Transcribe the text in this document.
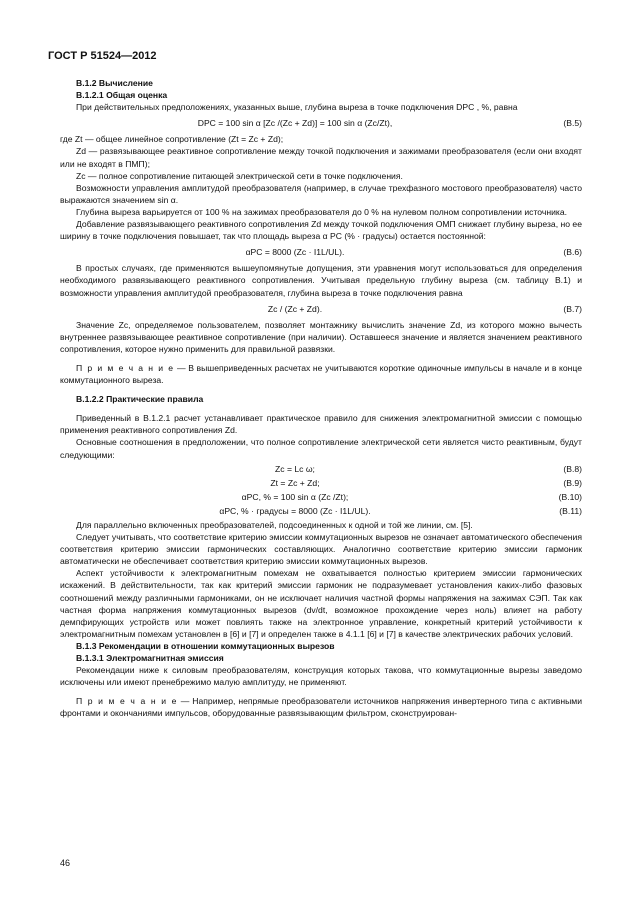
ГОСТ Р 51524—2012

В.1.2 Вычисление

В.1.2.1 Общая оценка

При действительных предположениях, указанных выше, глубина выреза в точке подключения DPC , %, равна

DPC = 100 sin α [Zc /(Zc + Zd)] = 100 sin α (Zc/Zt),	(В.5)

где Zt — общее линейное сопротивление (Zt = Zc + Zd);

Zd — развязывающее реактивное сопротивление между точкой подключения и зажимами преобразователя (если они входят или не входят в ПМП);

Zc — полное сопротивление питающей электрической сети в точке подключения.

Возможности управления амплитудой преобразователя (например, в случае трехфазного мостового преобразователя) часто выражаются значением sin α.

Глубина выреза варьируется от 100 % на зажимах преобразователя до 0 % на нулевом полном сопротивлении источника.

Добавление развязывающего реактивного сопротивления Zd между точкой подключения ОМП снижает глубину выреза, но ее ширину в точке подключения повышает, так что площадь выреза α PC (% · градусы) остается постоянной:

αPC = 8000 (Zc · I1L/UL).	(В.6)

В простых случаях, где применяются вышеупомянутые допущения, эти уравнения могут использоваться для определения необходимого развязывающего реактивного сопротивления. Учитывая предельную глубину выреза (см. таблицу В.1) и возможности управления амплитудой преобразователя, глубина выреза в точке подключения равна

Zc / (Zc + Zd).	(В.7)

Значение Zc, определяемое пользователем, позволяет монтажнику вычислить значение Zd, из которого можно вычесть внутреннее развязывающее реактивное сопротивление (при наличии). Оставшееся значение и является значением реактивного сопротивления, которое нужно применить для правильной развязки.

П р и м е ч а н и е — В вышеприведенных расчетах не учитываются короткие одиночные импульсы в начале и в конце коммутационного выреза.

В.1.2.2 Практические правила

Приведенный в В.1.2.1 расчет устанавливает практическое правило для снижения электромагнитной эмиссии с помощью применения реактивного сопротивления Zd.

Основные соотношения в предположении, что полное сопротивление электрической сети является чисто реактивным, будут следующими:

Zc = Lc ω;	(В.8)
Zt = Zc + Zd;	(В.9)
αPC, % = 100 sin α (Zc /Zt);	(В.10)
αPC, % · градусы = 8000 (Zc · I1L/UL).	(В.11)

Для параллельно включенных преобразователей, подсоединенных к одной и той же линии, см. [5].

Следует учитывать, что соответствие критерию эмиссии коммутационных вырезов не означает автоматического обеспечения соответствия критерию эмиссии гармонических составляющих. Аналогично соответствие критерию эмиссии гармоник автоматически не обеспечивает соответствия критерию эмиссии коммутационных вырезов.

Аспект устойчивости к электромагнитным помехам не охватывается полностью критерием эмиссии гармонических искажений. В действительности, так как критерий эмиссии гармоник не подразумевает установления каких-либо фазовых соотношений между различными гармониками, он не исключает наличия частной формы напряжения на зажимах СЭП. Так как частная форма напряжения коммутационных вырезов (dv/dt, возможное прохождение через ноль) влияет на работу демпфирующих устройств или может повлиять также на электронное управление, конкретный критерий устойчивости к электромагнитным помехам установлен в [6] и [7] и определен также в 4.1.1 [6] и [7] в качестве электрических рабочих условий.

В.1.3 Рекомендации в отношении коммутационных вырезов

В.1.3.1 Электромагнитная эмиссия

Рекомендации ниже к силовым преобразователям, конструкция которых такова, что коммутационные вырезы заведомо исключены или имеют пренебрежимо малую амплитуду, не применяют.

П р и м е ч а н и е — Например, непрямые преобразователи источников напряжения инвертерного типа с активными фронтами и окончаниями импульсов, оборудованные развязывающим фильтром, сконструирован-

46
